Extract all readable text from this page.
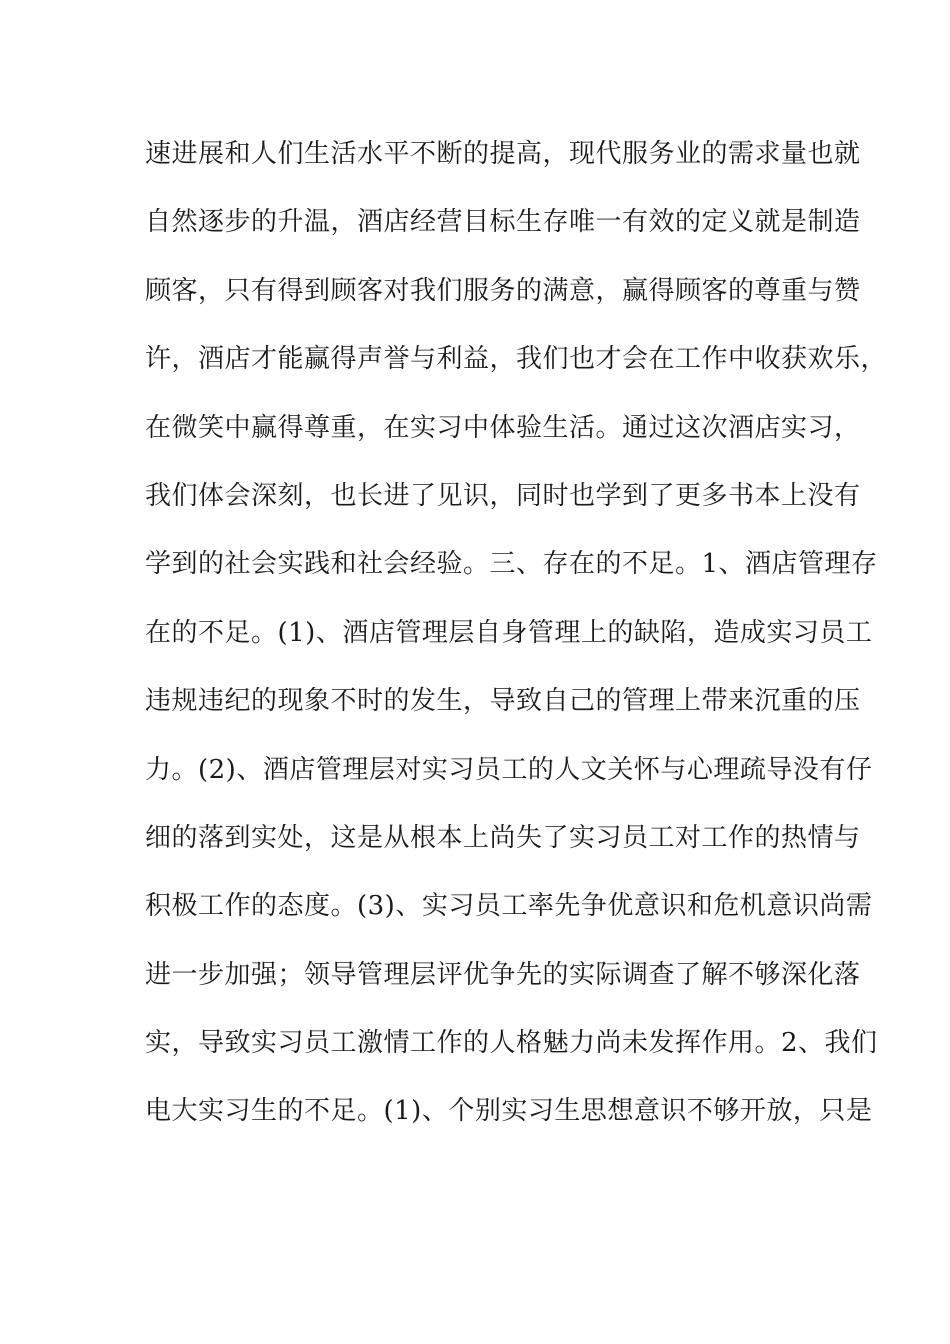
速进展和人们生活水平不断的提高，现代服务业的需求量也就
自然逐步的升温，酒店经营目标生存唯一有效的定义就是制造
顾客，只有得到顾客对我们服务的满意，赢得顾客的尊重与赞
许，酒店才能赢得声誉与利益，我们也才会在工作中收获欢乐，
在微笑中赢得尊重，在实习中体验生活。通过这次酒店实习，
我们体会深刻，也长进了见识，同时也学到了更多书本上没有
学到的社会实践和社会经验。三、存在的不足。1、酒店管理存
在的不足。(1)、酒店管理层自身管理上的缺陷，造成实习员工
违规违纪的现象不时的发生，导致自己的管理上带来沉重的压
力。(2)、酒店管理层对实习员工的人文关怀与心理疏导没有仔
细的落到实处，这是从根本上尚失了实习员工对工作的热情与
积极工作的态度。(3)、实习员工率先争优意识和危机意识尚需
进一步加强；领导管理层评优争先的实际调查了解不够深化落
实，导致实习员工激情工作的人格魅力尚未发挥作用。2、我们
电大实习生的不足。(1)、个别实习生思想意识不够开放，只是
